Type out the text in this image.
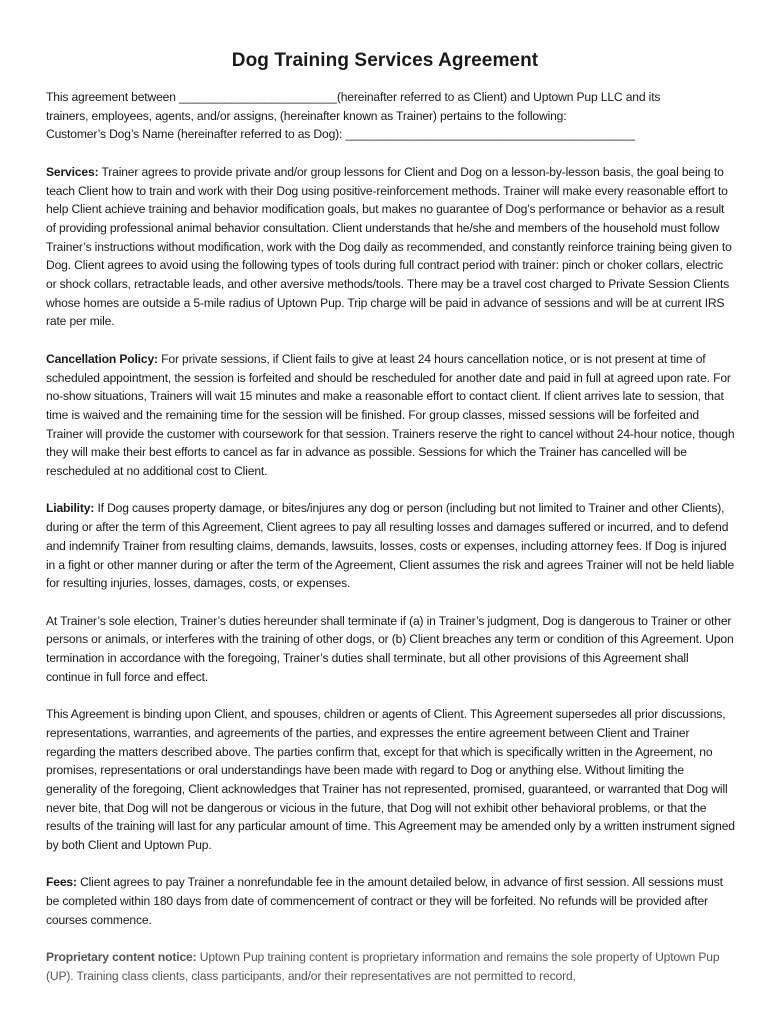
Dog Training Services Agreement

This agreement between ________________________(hereinafter referred to as Client) and Uptown Pup LLC and its
trainers, employees, agents, and/or assigns, (hereinafter known as Trainer) pertains to the following:
Customer’s Dog’s Name (hereinafter referred to as Dog): ____________________________________________

Services: Trainer agrees to provide private and/or group lessons for Client and Dog on a lesson-by-lesson basis, the goal being to teach Client how to train and work with their Dog using positive-reinforcement methods. Trainer will make every reasonable effort to help Client achieve training and behavior modification goals, but makes no guarantee of Dog’s performance or behavior as a result of providing professional animal behavior consultation. Client understands that he/she and members of the household must follow Trainer’s instructions without modification, work with the Dog daily as recommended, and constantly reinforce training being given to Dog. Client agrees to avoid using the following types of tools during full contract period with trainer: pinch or choker collars, electric or shock collars, retractable leads, and other aversive methods/tools. There may be a travel cost charged to Private Session Clients whose homes are outside a 5-mile radius of Uptown Pup. Trip charge will be paid in advance of sessions and will be at current IRS rate per mile.

Cancellation Policy: For private sessions, if Client fails to give at least 24 hours cancellation notice, or is not present at time of scheduled appointment, the session is forfeited and should be rescheduled for another date and paid in full at agreed upon rate. For no-show situations, Trainers will wait 15 minutes and make a reasonable effort to contact client. If client arrives late to session, that time is waived and the remaining time for the session will be finished. For group classes, missed sessions will be forfeited and Trainer will provide the customer with coursework for that session. Trainers reserve the right to cancel without 24-hour notice, though they will make their best efforts to cancel as far in advance as possible. Sessions for which the Trainer has cancelled will be rescheduled at no additional cost to Client.

Liability: If Dog causes property damage, or bites/injures any dog or person (including but not limited to Trainer and other Clients), during or after the term of this Agreement, Client agrees to pay all resulting losses and damages suffered or incurred, and to defend and indemnify Trainer from resulting claims, demands, lawsuits, losses, costs or expenses, including attorney fees. If Dog is injured in a fight or other manner during or after the term of the Agreement, Client assumes the risk and agrees Trainer will not be held liable for resulting injuries, losses, damages, costs, or expenses.

At Trainer’s sole election, Trainer’s duties hereunder shall terminate if (a) in Trainer’s judgment, Dog is dangerous to Trainer or other persons or animals, or interferes with the training of other dogs, or (b) Client breaches any term or condition of this Agreement. Upon termination in accordance with the foregoing, Trainer’s duties shall terminate, but all other provisions of this Agreement shall continue in full force and effect.

This Agreement is binding upon Client, and spouses, children or agents of Client. This Agreement supersedes all prior discussions, representations, warranties, and agreements of the parties, and expresses the entire agreement between Client and Trainer regarding the matters described above. The parties confirm that, except for that which is specifically written in the Agreement, no promises, representations or oral understandings have been made with regard to Dog or anything else. Without limiting the generality of the foregoing, Client acknowledges that Trainer has not represented, promised, guaranteed, or warranted that Dog will never bite, that Dog will not be dangerous or vicious in the future, that Dog will not exhibit other behavioral problems, or that the results of the training will last for any particular amount of time. This Agreement may be amended only by a written instrument signed by both Client and Uptown Pup.

Fees: Client agrees to pay Trainer a nonrefundable fee in the amount detailed below, in advance of first session. All sessions must be completed within 180 days from date of commencement of contract or they will be forfeited. No refunds will be provided after courses commence.

Proprietary content notice: Uptown Pup training content is proprietary information and remains the sole property of Uptown Pup (UP). Training class clients, class participants, and/or their representatives are not permitted to record,
